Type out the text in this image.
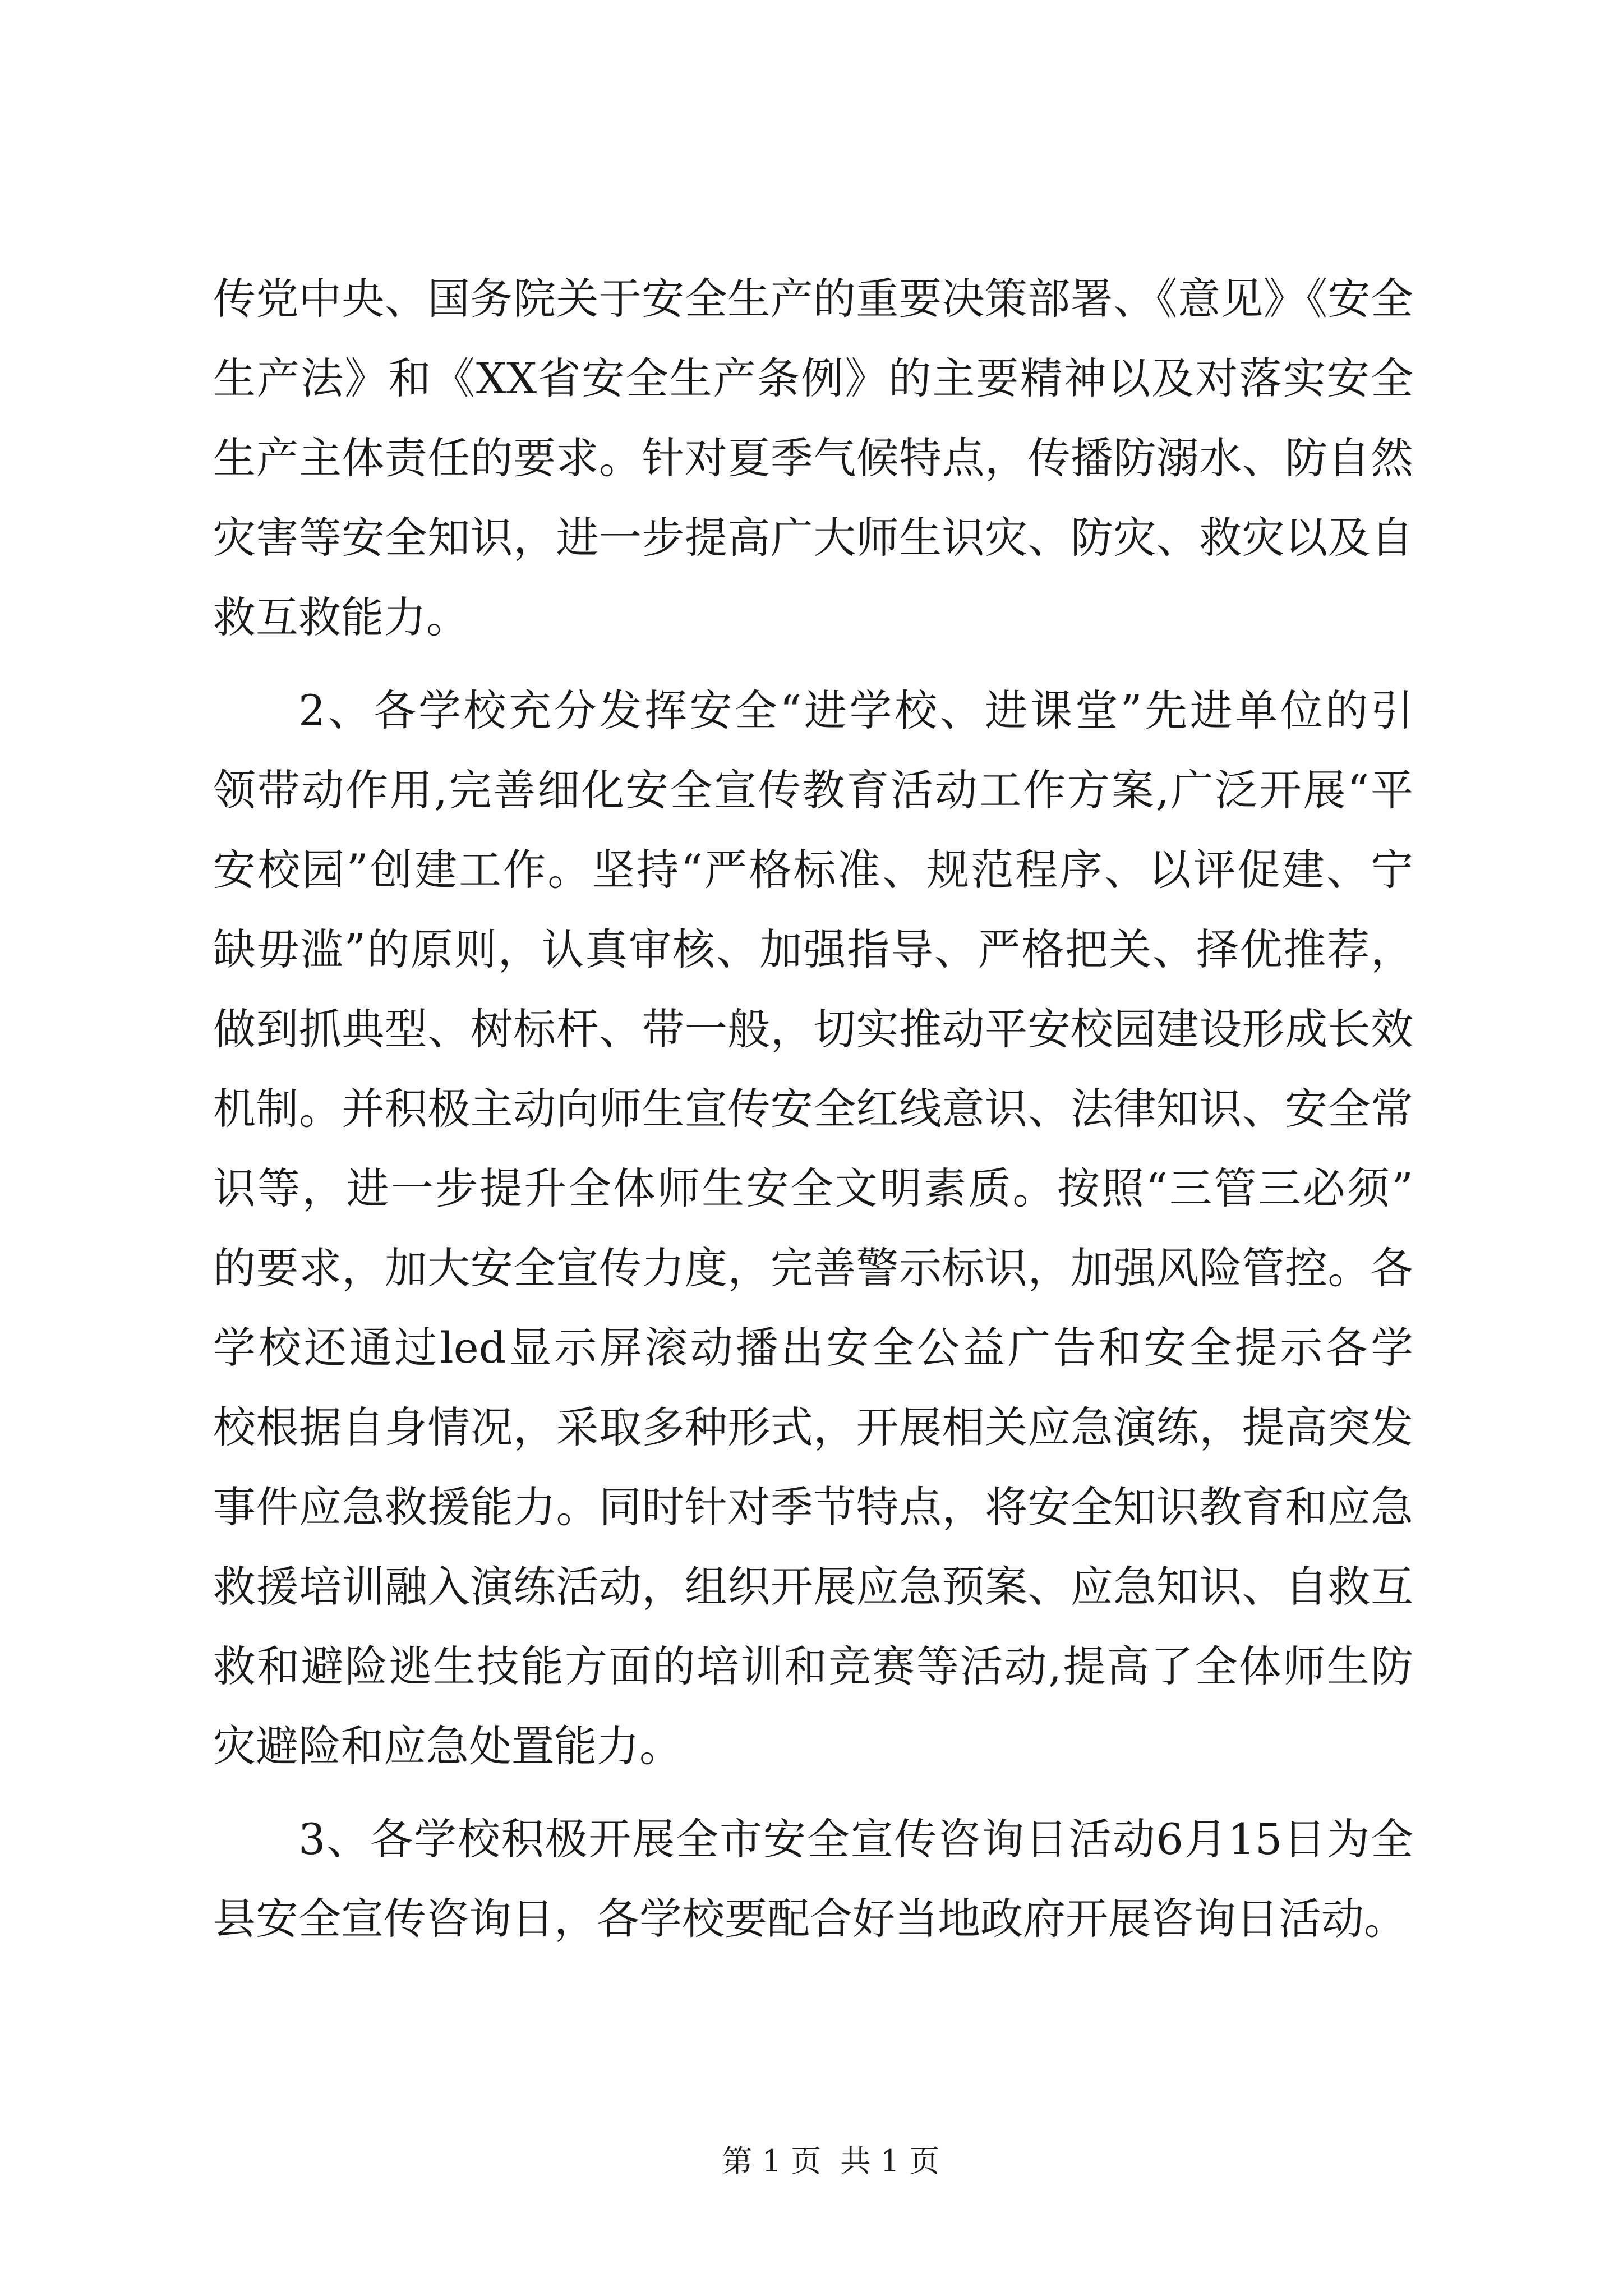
传党中央、国务院关于安全生产的重要决策部署、《意见》《安全
生产法》和《XX省安全生产条例》的主要精神以及对落实安全
生产主体责任的要求。针对夏季气候特点，传播防溺水、防自然
灾害等安全知识，进一步提高广大师生识灾、防灾、救灾以及自
救互救能力。
2、各学校充分发挥安全“进学校、进课堂”先进单位的引
领带动作用,完善细化安全宣传教育活动工作方案,广泛开展“平
安校园”创建工作。坚持“严格标准、规范程序、以评促建、宁
缺毋滥”的原则，认真审核、加强指导、严格把关、择优推荐，
做到抓典型、树标杆、带一般，切实推动平安校园建设形成长效
机制。并积极主动向师生宣传安全红线意识、法律知识、安全常
识等，进一步提升全体师生安全文明素质。按照“三管三必须”
的要求，加大安全宣传力度，完善警示标识，加强风险管控。各
学校还通过led显示屏滚动播出安全公益广告和安全提示各学
校根据自身情况，采取多种形式，开展相关应急演练，提高突发
事件应急救援能力。同时针对季节特点，将安全知识教育和应急
救援培训融入演练活动，组织开展应急预案、应急知识、自救互
救和避险逃生技能方面的培训和竞赛等活动,提高了全体师生防
灾避险和应急处置能力。
3、各学校积极开展全市安全宣传咨询日活动6月15日为全
县安全宣传咨询日，各学校要配合好当地政府开展咨询日活动。

第 1 页  共 1 页
